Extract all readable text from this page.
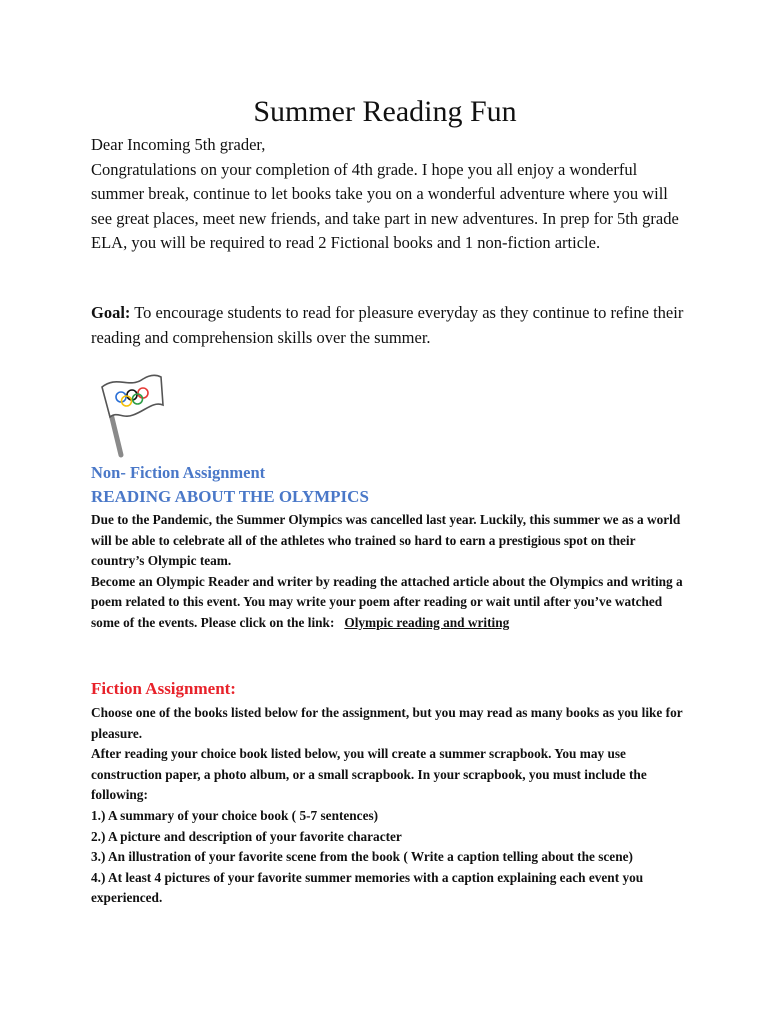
Summer Reading Fun

Dear Incoming 5th grader,

Congratulations on your completion of 4th grade. I hope you all enjoy a wonderful summer break, continue to let books take you on a wonderful adventure where you will see great places, meet new friends, and take part in new adventures. In prep for 5th grade ELA, you will be required to read 2 Fictional books and 1 non-fiction article.

Goal: To encourage students to read for pleasure everyday as they continue to refine their reading and comprehension skills over the summer.

Non- Fiction Assignment
READING ABOUT THE OLYMPICS

Due to the Pandemic, the Summer Olympics was cancelled last year. Luckily, this summer we as a world will be able to celebrate all of the athletes who trained so hard to earn a prestigious spot on their country’s Olympic team.

Become an Olympic Reader and writer by reading the attached article about the Olympics and writing a poem related to this event. You may write your poem after reading or wait until after you’ve watched some of the events. Please click on the link:   Olympic reading and writing

Fiction Assignment:

Choose one of the books listed below for the assignment, but you may read as many books as you like for pleasure.

After reading your choice book listed below, you will create a summer scrapbook. You may use construction paper, a photo album, or a small scrapbook. In your scrapbook, you must include the following:

1.) A summary of your choice book ( 5-7 sentences)

2.) A picture and description of your favorite character

3.) An illustration of your favorite scene from the book ( Write a caption telling about the scene)

4.) At least 4 pictures of your favorite summer memories with a caption explaining each event you experienced.
